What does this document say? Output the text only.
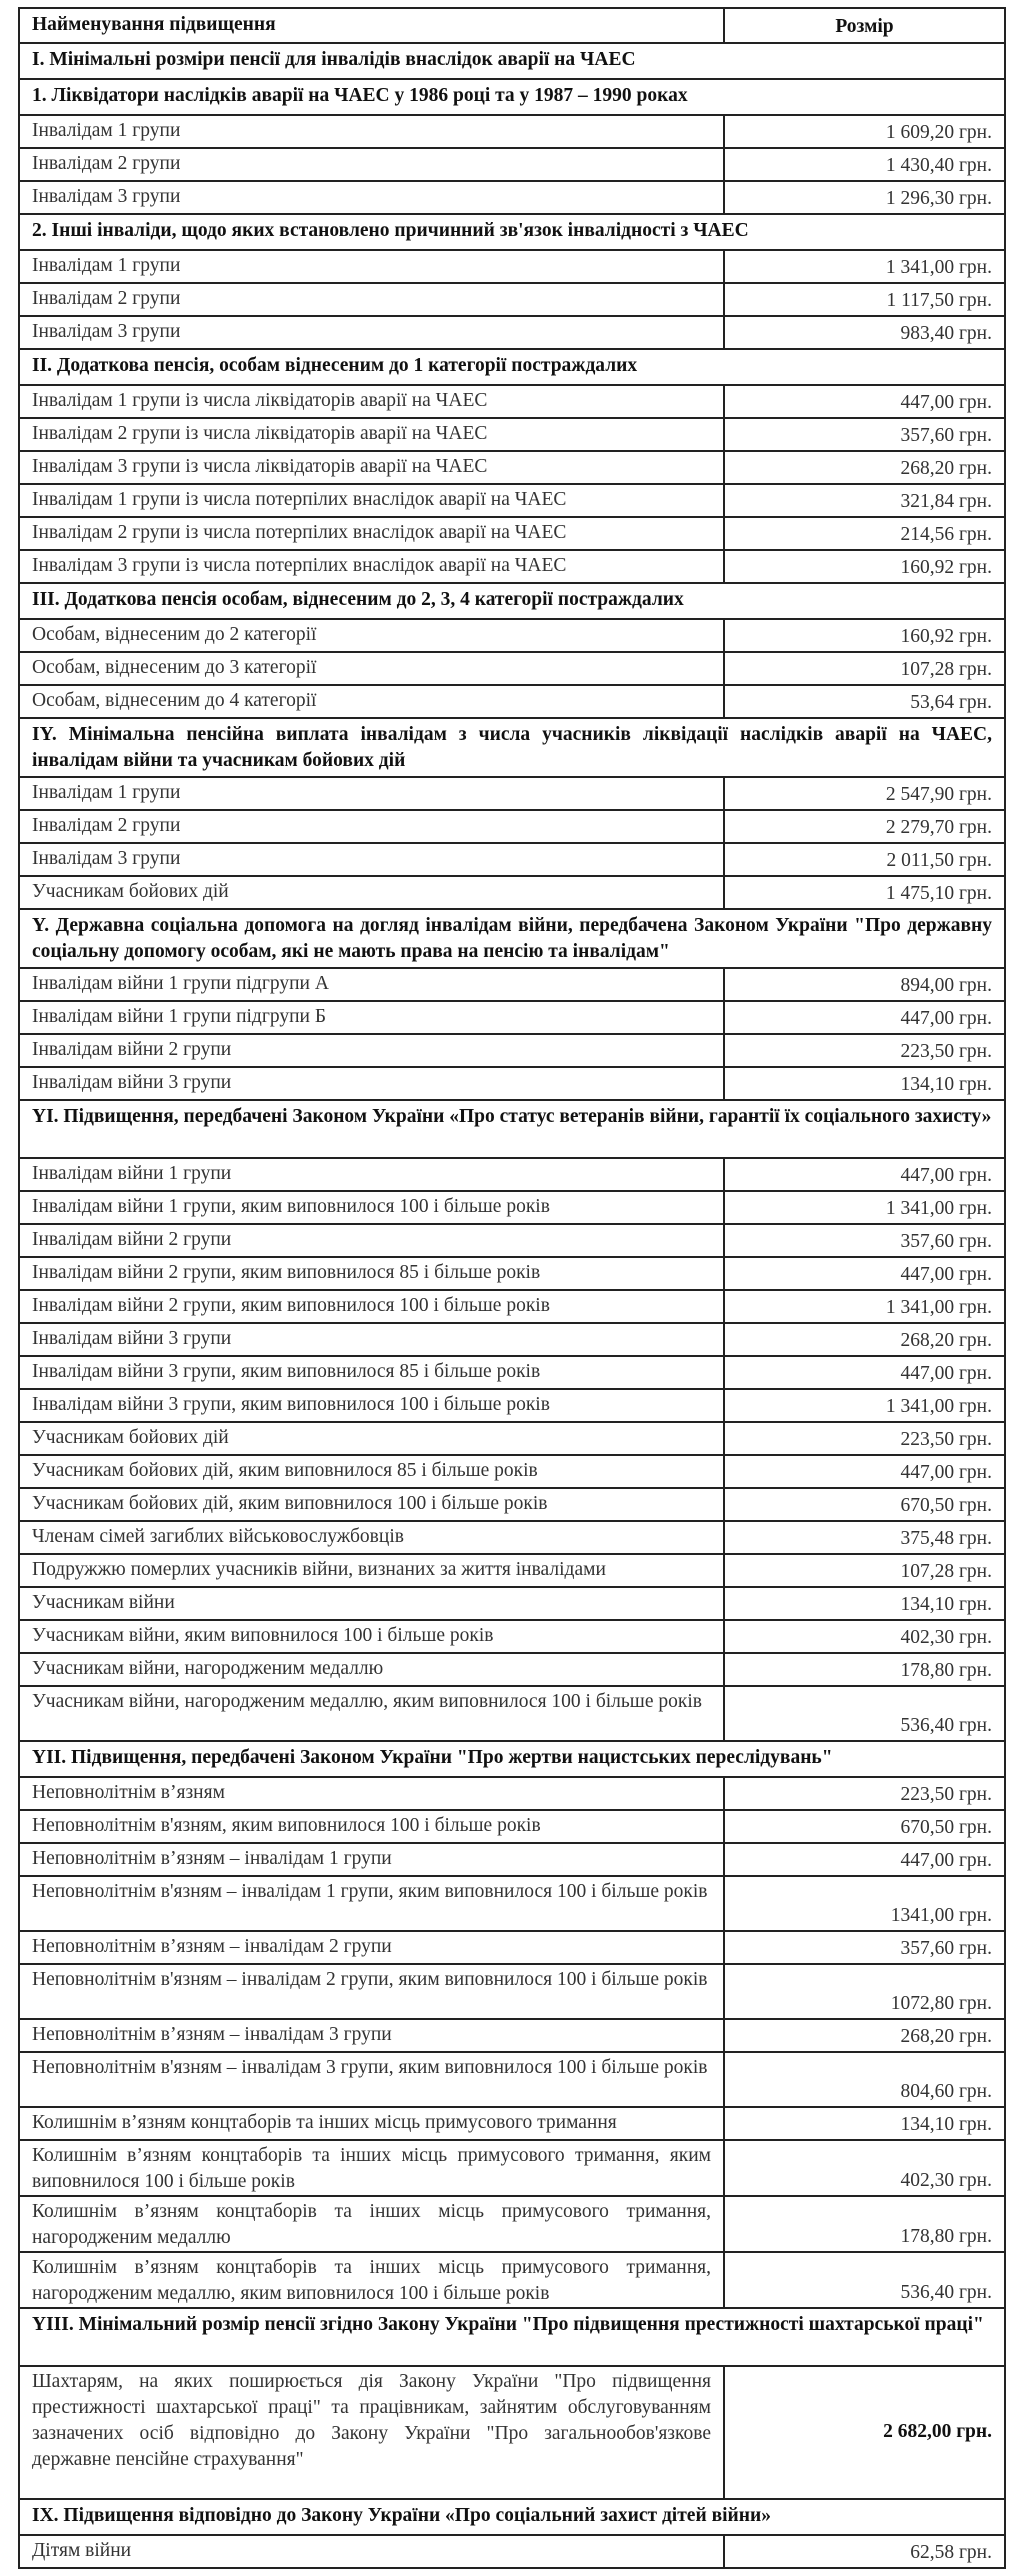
Найменування підвищення	Розмір
І. Мінімальні розміри пенсії для інвалідів внаслідок аварії на ЧАЕС	
1. Ліквідатори наслідків аварії на ЧАЕС у 1986 році та у 1987 – 1990 роках	
Інвалідам 1 групи	1 609,20 грн.
Інвалідам 2 групи	1 430,40 грн.
Інвалідам 3 групи	1 296,30 грн.
2. Інші інваліди, щодо яких встановлено причинний зв'язок інвалідності з ЧАЕС	
Інвалідам 1 групи	1 341,00 грн.
Інвалідам 2 групи	1 117,50 грн.
Інвалідам 3 групи	983,40 грн.
ІІ. Додаткова пенсія, особам віднесеним до 1 категорії постраждалих	
Інвалідам 1 групи із числа ліквідаторів аварії на ЧАЕС	447,00 грн.
Інвалідам 2 групи із числа ліквідаторів аварії на ЧАЕС	357,60 грн.
Інвалідам 3 групи із числа ліквідаторів аварії на ЧАЕС	268,20 грн.
Інвалідам 1 групи із числа потерпілих внаслідок аварії на ЧАЕС	321,84 грн.
Інвалідам 2 групи із числа потерпілих внаслідок аварії на ЧАЕС	214,56 грн.
Інвалідам 3 групи із числа потерпілих внаслідок аварії на ЧАЕС	160,92 грн.
ІІІ. Додаткова пенсія особам, віднесеним до 2, 3, 4 категорії постраждалих	
Особам, віднесеним до 2 категорії	160,92 грн.
Особам, віднесеним до 3 категорії	107,28 грн.
Особам, віднесеним до 4 категорії	53,64 грн.
ІY. Мінімальна пенсійна виплата інвалідам з числа учасників ліквідації наслідків аварії на ЧАЕС, інвалідам війни та учасникам бойових дій	
Інвалідам 1 групи	2 547,90 грн.
Інвалідам 2 групи	2 279,70 грн.
Інвалідам 3 групи	2 011,50 грн.
Учасникам бойових дій	1 475,10 грн.
Y. Державна соціальна допомога на догляд інвалідам війни, передбачена Законом України "Про державну соціальну допомогу особам, які не мають права на пенсію та інвалідам"	
Інвалідам війни 1 групи підгрупи А	894,00 грн.
Інвалідам війни 1 групи підгрупи Б	447,00 грн.
Інвалідам війни 2 групи	223,50 грн.
Інвалідам війни 3 групи	134,10 грн.
YІ. Підвищення, передбачені Законом України «Про статус ветеранів війни, гарантії їх соціального захисту»	
Інвалідам війни 1 групи	447,00 грн.
Інвалідам війни 1 групи, яким виповнилося 100 і більше років	1 341,00 грн.
Інвалідам війни 2 групи	357,60 грн.
Інвалідам війни 2 групи, яким виповнилося 85 і більше років	447,00 грн.
Інвалідам війни 2 групи, яким виповнилося 100 і більше років	1 341,00 грн.
Інвалідам війни 3 групи	268,20 грн.
Інвалідам війни 3 групи, яким виповнилося 85 і більше років	447,00 грн.
Інвалідам війни 3 групи, яким виповнилося 100 і більше років	1 341,00 грн.
Учасникам бойових дій	223,50 грн.
Учасникам бойових дій, яким виповнилося 85 і більше років	447,00 грн.
Учасникам бойових дій, яким виповнилося 100 і більше років	670,50 грн.
Членам сімей загиблих військовослужбовців	375,48 грн.
Подружжю померлих учасників війни, визнаних за життя інвалідами	107,28 грн.
Учасникам війни	134,10 грн.
Учасникам війни, яким виповнилося 100 і більше років	402,30 грн.
Учасникам війни, нагородженим медаллю	178,80 грн.
Учасникам війни, нагородженим медаллю, яким виповнилося 100 і більше років	536,40 грн.
YІІ. Підвищення, передбачені Законом України "Про жертви нацистських переслідувань"	
Неповнолітнім в’язням	223,50 грн.
Неповнолітнім в'язням, яким виповнилося 100 і більше років	670,50 грн.
Неповнолітнім в’язням – інвалідам 1 групи	447,00 грн.
Неповнолітнім в'язням – інвалідам 1 групи, яким виповнилося 100 і більше років	1341,00 грн.
Неповнолітнім в’язням – інвалідам 2 групи	357,60 грн.
Неповнолітнім в'язням – інвалідам 2 групи, яким виповнилося 100 і більше років	1072,80 грн.
Неповнолітнім в’язням – інвалідам 3 групи	268,20 грн.
Неповнолітнім в'язням – інвалідам 3 групи, яким виповнилося 100 і більше років	804,60 грн.
Колишнім в’язням концтаборів та інших місць примусового тримання	134,10 грн.
Колишнім в’язням концтаборів та інших місць примусового тримання, яким виповнилося 100 і більше років	402,30 грн.
Колишнім в’язням концтаборів та інших місць примусового тримання, нагородженим медаллю	178,80 грн.
Колишнім в’язням концтаборів та інших місць примусового тримання, нагородженим медаллю, яким виповнилося 100 і більше років	536,40 грн.
YІІІ. Мінімальний розмір пенсії згідно Закону України "Про підвищення престижності шахтарської праці"	
Шахтарям, на яких поширюється дія Закону України "Про підвищення престижності шахтарської праці" та працівникам, зайнятим обслуговуванням зазначених осіб відповідно до Закону України "Про загальнообов'язкове державне пенсійне страхування"	2 682,00 грн.
ІХ. Підвищення відповідно до Закону України «Про соціальний захист дітей війни»	
Дітям війни	62,58 грн.
